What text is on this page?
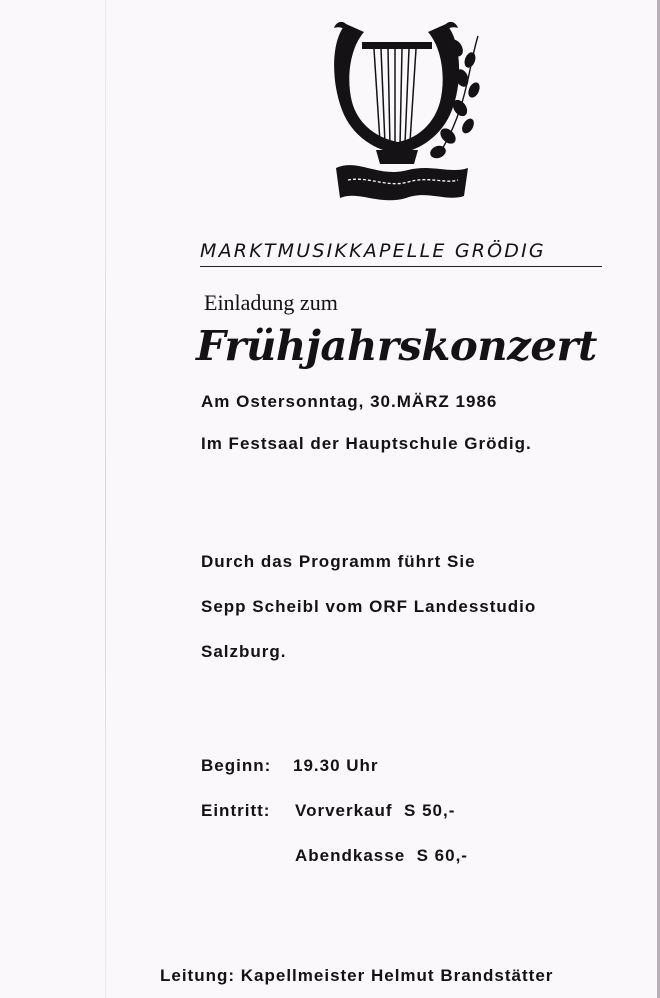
MARKTMUSIKKAPELLE GRÖDIG
Einladung zum
Frühjahrskonzert
Am Ostersonntag, 30.MÄRZ 1986
Im Festsaal der Hauptschule Grödig.
Durch das Programm führt Sie
Sepp Scheibl vom ORF Landesstudio
Salzburg.
Beginn: 19.30 Uhr
Eintritt: Vorverkauf  S 50,-
Abendkasse  S 60,-
Leitung: Kapellmeister Helmut Brandstätter
